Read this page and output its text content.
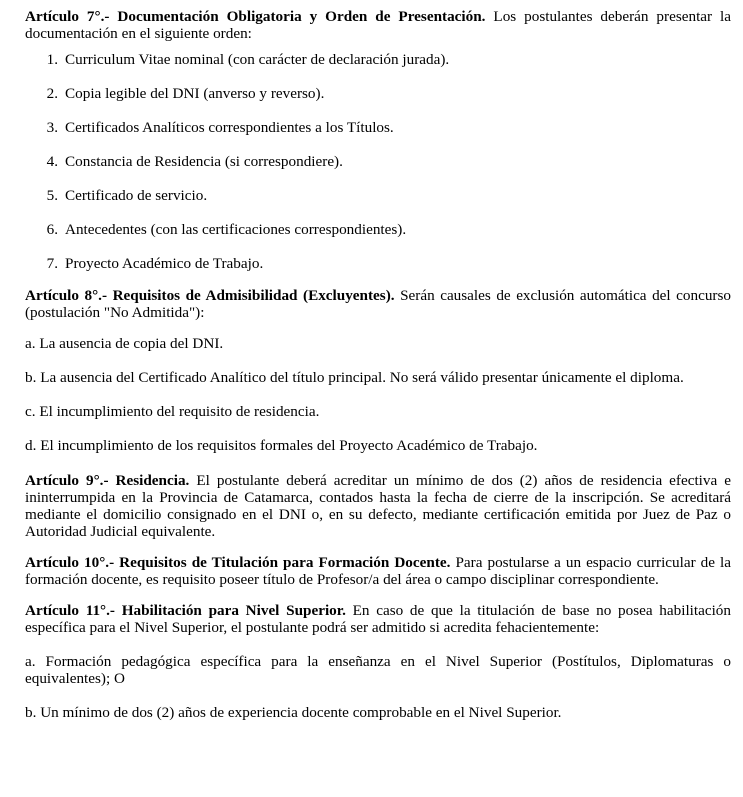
Artículo 7°.- Documentación Obligatoria y Orden de Presentación. Los postulantes deberán presentar la documentación en el siguiente orden:

1. Curriculum Vitae nominal (con carácter de declaración jurada).
2. Copia legible del DNI (anverso y reverso).
3. Certificados Analíticos correspondientes a los Títulos.
4. Constancia de Residencia (si correspondiere).
5. Certificado de servicio.
6. Antecedentes (con las certificaciones correspondientes).
7. Proyecto Académico de Trabajo.

Artículo 8°.- Requisitos de Admisibilidad (Excluyentes). Serán causales de exclusión automática del concurso (postulación "No Admitida"):

a. La ausencia de copia del DNI.
b. La ausencia del Certificado Analítico del título principal. No será válido presentar únicamente el diploma.
c. El incumplimiento del requisito de residencia.
d. El incumplimiento de los requisitos formales del Proyecto Académico de Trabajo.

Artículo 9°.- Residencia. El postulante deberá acreditar un mínimo de dos (2) años de residencia efectiva e ininterrumpida en la Provincia de Catamarca, contados hasta la fecha de cierre de la inscripción. Se acreditará mediante el domicilio consignado en el DNI o, en su defecto, mediante certificación emitida por Juez de Paz o Autoridad Judicial equivalente.

Artículo 10°.- Requisitos de Titulación para Formación Docente. Para postularse a un espacio curricular de la formación docente, es requisito poseer título de Profesor/a del área o campo disciplinar correspondiente.

Artículo 11°.- Habilitación para Nivel Superior. En caso de que la titulación de base no posea habilitación específica para el Nivel Superior, el postulante podrá ser admitido si acredita fehacientemente:

a. Formación pedagógica específica para la enseñanza en el Nivel Superior (Postítulos, Diplomaturas o equivalentes); O

b. Un mínimo de dos (2) años de experiencia docente comprobable en el Nivel Superior.
